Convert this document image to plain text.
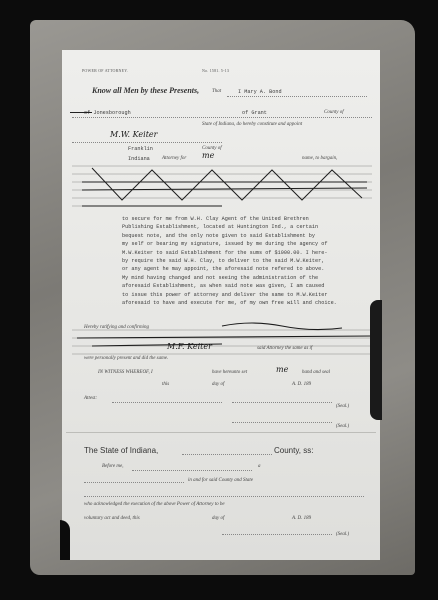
POWER OF ATTORNEY.	No. 1581. 5-13
Know all Men by these Presents,	That	I Mary A. Bond
of Jonesborough	of Grant	County of
State of Indiana, do hereby constitute and appoint
M.W. Keiter
Franklin	County of
Indiana Attorney for me	name, to bargain,
to secure for me from W.H. Clay Agent of the United Brethren
Publishing Establishment, located at Huntington Ind., a certain
bequest note, and the only note given to said Establishment by
my self or bearing my signature, issued by me during the agency of
M.W.Keiter to said Establishment for the sums of $1000.00. I here-
by require the said W.H. Clay, to deliver to the said M.W.Keiter,
or any agent he may appoint, the aforesaid note refered to above.
My mind having changed and not seeing the administration of the
aforesaid Establishment, as when said note was given, I am caused
to issue this power of attorney and deliver the same to M.W.Keiter
aforesaid to have and execute for me, of my own free will and choice.
Hereby ratifying and confirming
M.F. Keiter	said Attorney the same as if
were personally present and did the same.
IN WITNESS WHEREOF, I	have hereunto set	me	hand and seal
this	day of	A. D. 189
Attest:
(Seal.)
(Seal.)
The State of Indiana,	County, ss:
Before me,	a
in and for said County and State
who acknowledged the execution of the above Power of Attorney to be
voluntary act and deed, this	day of	A. D. 189
(Seal.)
